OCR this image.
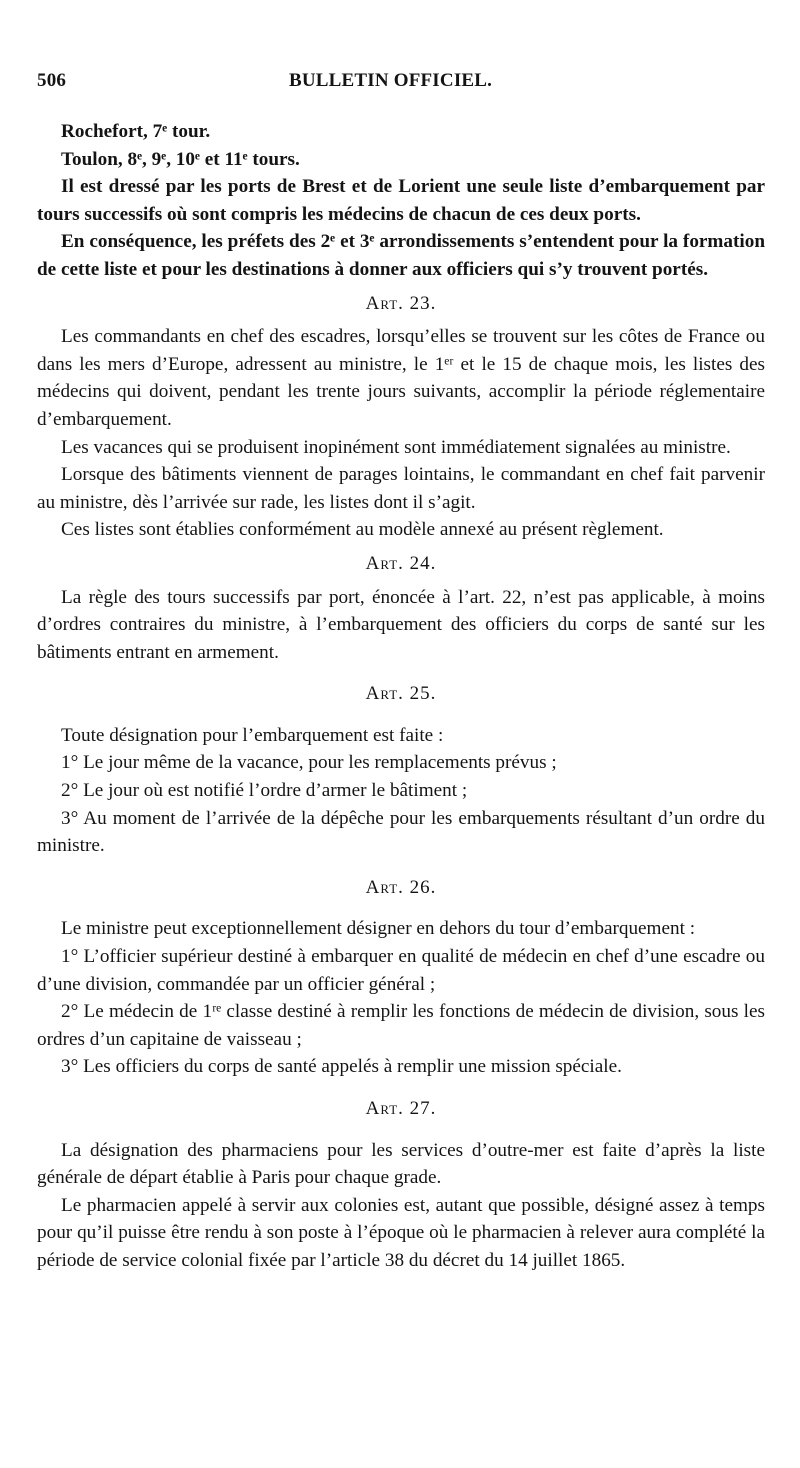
506	BULLETIN OFFICIEL.

Rochefort, 7ᵉ tour.

Toulon, 8ᵉ, 9ᵉ, 10ᵉ et 11ᵉ tours.

Il est dressé par les ports de Brest et de Lorient une seule liste d’embarquement par tours successifs où sont compris les médecins de chacun de ces deux ports.

En conséquence, les préfets des 2ᵉ et 3ᵉ arrondissements s’entendent pour la formation de cette liste et pour les destinations à donner aux officiers qui s’y trouvent portés.

Art. 23.

Les commandants en chef des escadres, lorsqu’elles se trouvent sur les côtes de France ou dans les mers d’Europe, adressent au ministre, le 1ᵉʳ et le 15 de chaque mois, les listes des médecins qui doivent, pendant les trente jours suivants, accomplir la période réglementaire d’embarquement.

Les vacances qui se produisent inopinément sont immédiatement signalées au ministre.

Lorsque des bâtiments viennent de parages lointains, le commandant en chef fait parvenir au ministre, dès l’arrivée sur rade, les listes dont il s’agit.

Ces listes sont établies conformément au modèle annexé au présent règlement.

Art. 24.

La règle des tours successifs par port, énoncée à l’art. 22, n’est pas applicable, à moins d’ordres contraires du ministre, à l’embarquement des officiers du corps de santé sur les bâtiments entrant en armement.

Art. 25.

Toute désignation pour l’embarquement est faite :

1° Le jour même de la vacance, pour les remplacements prévus ;

2° Le jour où est notifié l’ordre d’armer le bâtiment ;

3° Au moment de l’arrivée de la dépêche pour les embarquements résultant d’un ordre du ministre.

Art. 26.

Le ministre peut exceptionnellement désigner en dehors du tour d’embarquement :

1° L’officier supérieur destiné à embarquer en qualité de médecin en chef d’une escadre ou d’une division, commandée par un officier général ;

2° Le médecin de 1ʳᵉ classe destiné à remplir les fonctions de médecin de division, sous les ordres d’un capitaine de vaisseau ;

3° Les officiers du corps de santé appelés à remplir une mission spéciale.

Art. 27.

La désignation des pharmaciens pour les services d’outre-mer est faite d’après la liste générale de départ établie à Paris pour chaque grade.

Le pharmacien appelé à servir aux colonies est, autant que possible, désigné assez à temps pour qu’il puisse être rendu à son poste à l’époque où le pharmacien à relever aura complété la période de service colonial fixée par l’article 38 du décret du 14 juillet 1865.
